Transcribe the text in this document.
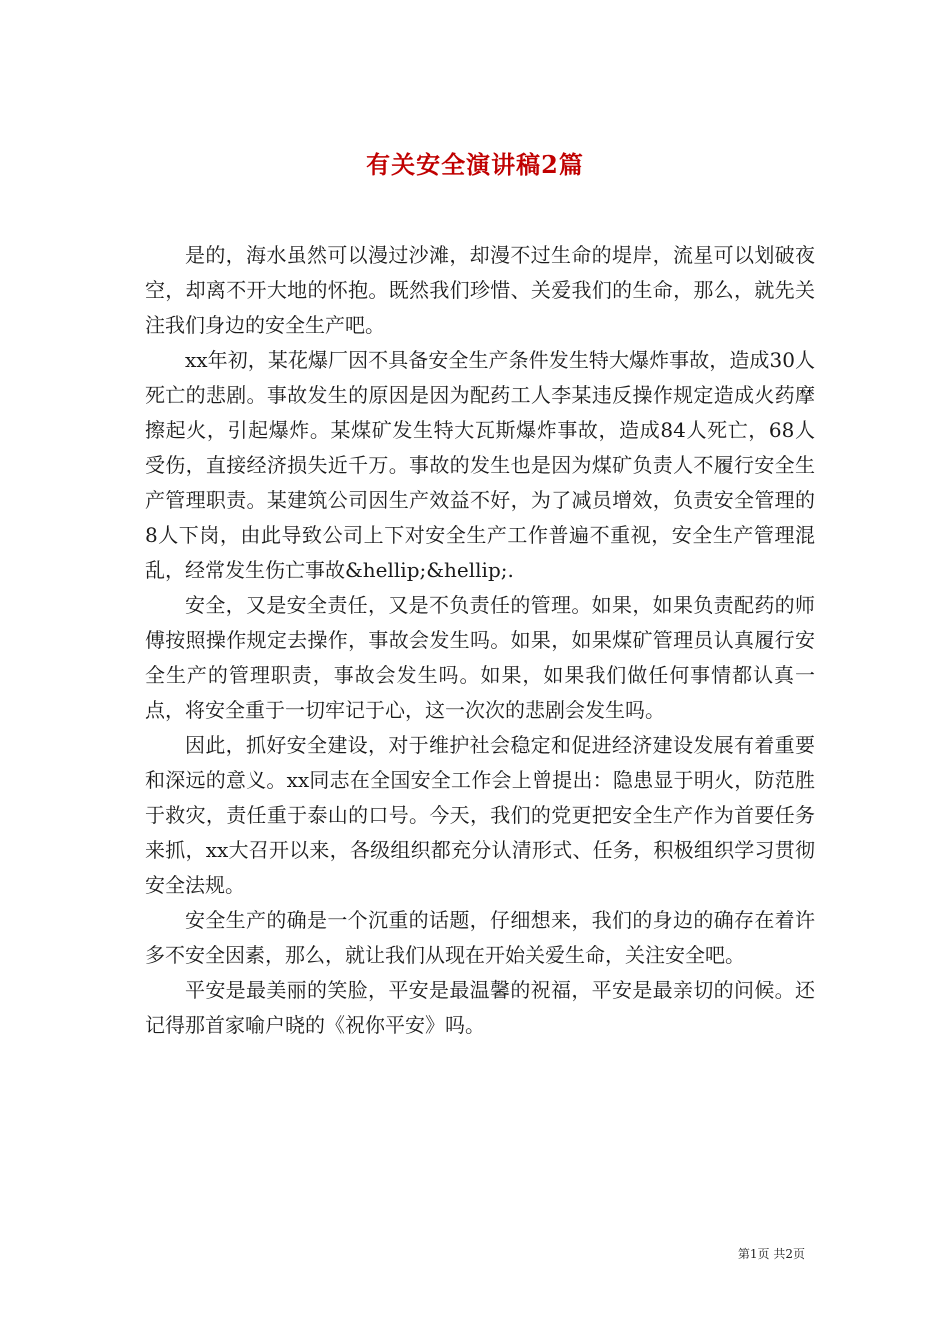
有关安全演讲稿2篇

是的，海水虽然可以漫过沙滩，却漫不过生命的堤岸，流星可以划破夜空，却离不开大地的怀抱。既然我们珍惜、关爱我们的生命，那么，就先关注我们身边的安全生产吧。

xx年初，某花爆厂因不具备安全生产条件发生特大爆炸事故，造成30人死亡的悲剧。事故发生的原因是因为配药工人李某违反操作规定造成火药摩擦起火，引起爆炸。某煤矿发生特大瓦斯爆炸事故，造成84人死亡，68人受伤，直接经济损失近千万。事故的发生也是因为煤矿负责人不履行安全生产管理职责。某建筑公司因生产效益不好，为了减员增效，负责安全管理的8人下岗，由此导致公司上下对安全生产工作普遍不重视，安全生产管理混乱，经常发生伤亡事故&hellip;&hellip;.

安全，又是安全责任，又是不负责任的管理。如果，如果负责配药的师傅按照操作规定去操作，事故会发生吗。如果，如果煤矿管理员认真履行安全生产的管理职责，事故会发生吗。如果，如果我们做任何事情都认真一点，将安全重于一切牢记于心，这一次次的悲剧会发生吗。

因此，抓好安全建设，对于维护社会稳定和促进经济建设发展有着重要和深远的意义。xx同志在全国安全工作会上曾提出：隐患显于明火，防范胜于救灾，责任重于泰山的口号。今天，我们的党更把安全生产作为首要任务来抓，xx大召开以来，各级组织都充分认清形式、任务，积极组织学习贯彻安全法规。

安全生产的确是一个沉重的话题，仔细想来，我们的身边的确存在着许多不安全因素，那么，就让我们从现在开始关爱生命，关注安全吧。

平安是最美丽的笑脸，平安是最温馨的祝福，平安是最亲切的问候。还记得那首家喻户晓的《祝你平安》吗。

第1页 共2页
